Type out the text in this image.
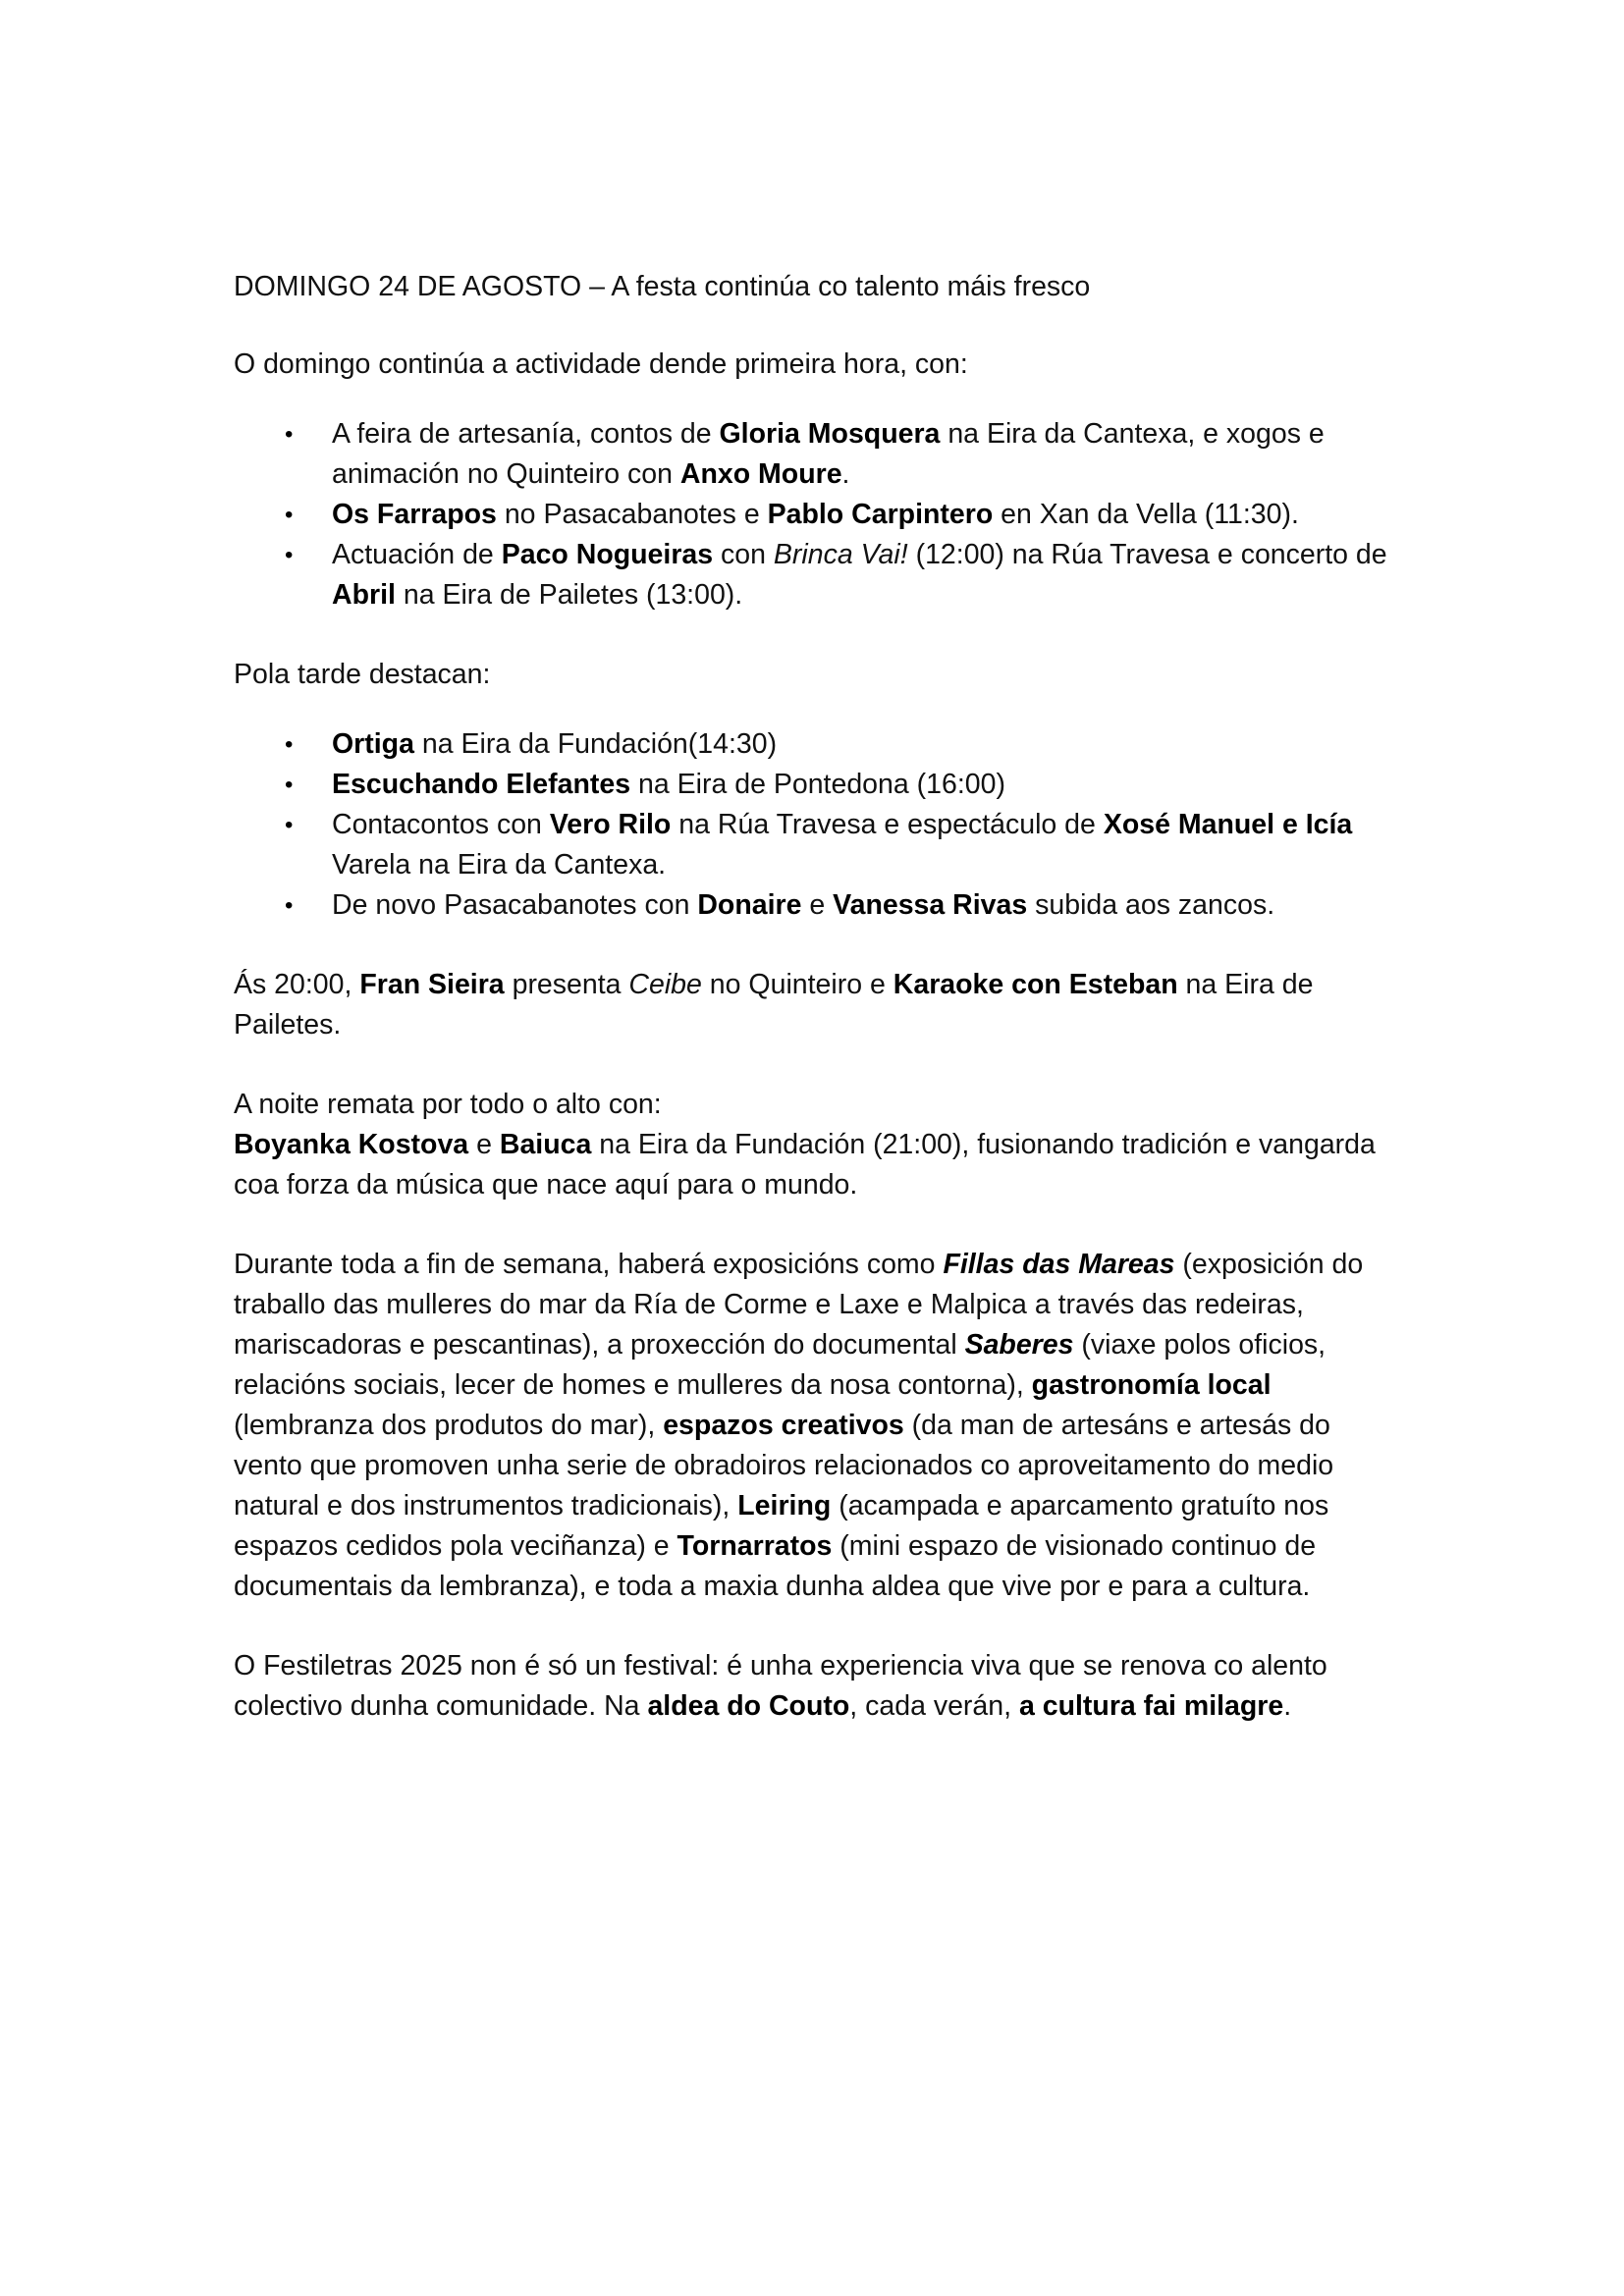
DOMINGO 24 DE AGOSTO – A festa continúa co talento máis fresco

O domingo continúa a actividade dende primeira hora, con:

• A feira de artesanía, contos de Gloria Mosquera na Eira da Cantexa, e xogos e animación no Quinteiro con Anxo Moure.
• Os Farrapos no Pasacabanotes e Pablo Carpintero en Xan da Vella (11:30).
• Actuación de Paco Nogueiras con Brinca Vai! (12:00) na Rúa Travesa e concerto de Abril na Eira de Pailetes (13:00).

Pola tarde destacan:

• Ortiga na Eira da Fundación(14:30)
• Escuchando Elefantes na Eira de Pontedona (16:00)
• Contacontos con Vero Rilo na Rúa Travesa e espectáculo de Xosé Manuel e Icía Varela na Eira da Cantexa.
• De novo Pasacabanotes con Donaire e Vanessa Rivas subida aos zancos.

Ás 20:00, Fran Sieira presenta Ceibe no Quinteiro e Karaoke con Esteban na Eira de Pailetes.

A noite remata por todo o alto con:
Boyanka Kostova e Baiuca na Eira da Fundación (21:00), fusionando tradición e vangarda coa forza da música que nace aquí para o mundo.

Durante toda a fin de semana, haberá exposicións como Fillas das Mareas (exposición do traballo das mulleres do mar da Ría de Corme e Laxe e Malpica a través das redeiras, mariscadoras e pescantinas), a proxección do documental Saberes (viaxe polos oficios, relacións sociais, lecer de homes e mulleres da nosa contorna), gastronomía local (lembranza dos produtos do mar), espazos creativos (da man de artesáns e artesás do vento que promoven unha serie de obradoiros relacionados co aproveitamento do medio natural e dos instrumentos tradicionais), Leiring (acampada e aparcamento gratuíto nos espazos cedidos pola veciñanza) e Tornarratos (mini espazo de visionado continuo de documentais da lembranza), e toda a maxia dunha aldea que vive por e para a cultura.

O Festiletras 2025 non é só un festival: é unha experiencia viva que se renova co alento colectivo dunha comunidade. Na aldea do Couto, cada verán, a cultura fai milagre.
